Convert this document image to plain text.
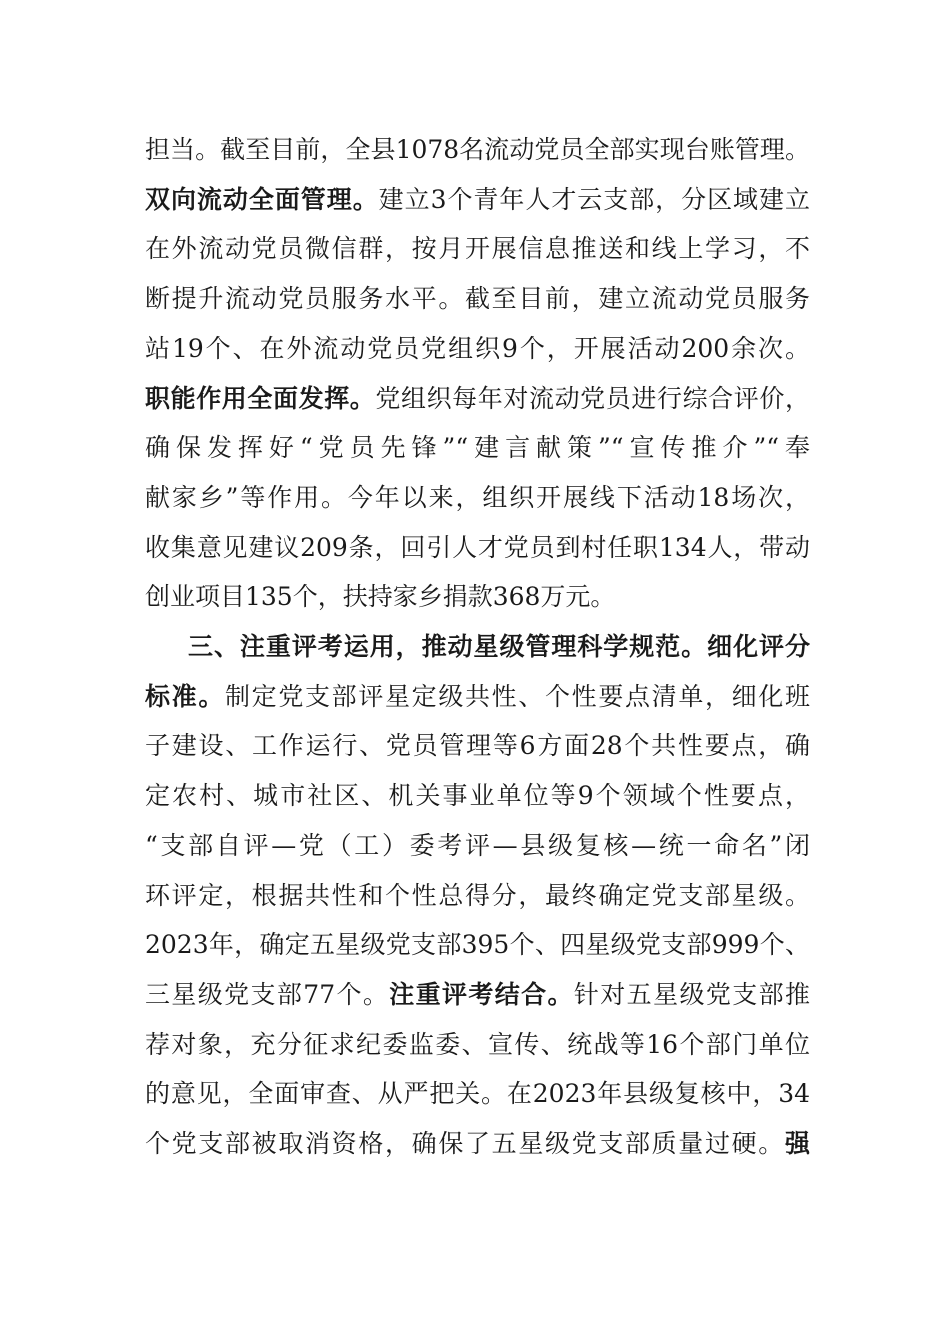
担当。截至目前，全县1078名流动党员全部实现台账管理。
双向流动全面管理。建立3个青年人才云支部，分区域建立
在外流动党员微信群，按月开展信息推送和线上学习，不
断提升流动党员服务水平。截至目前，建立流动党员服务
站19个、在外流动党员党组织9个，开展活动200余次。
职能作用全面发挥。党组织每年对流动党员进行综合评价，
确保发挥好“党员先锋”“建言献策”“宣传推介”“奉
献家乡”等作用。今年以来，组织开展线下活动18场次，
收集意见建议209条，回引人才党员到村任职134人，带动
创业项目135个，扶持家乡捐款368万元。
三、注重评考运用，推动星级管理科学规范。细化评分
标准。制定党支部评星定级共性、个性要点清单，细化班
子建设、工作运行、党员管理等6方面28个共性要点，确
定农村、城市社区、机关事业单位等9个领域个性要点，
“支部自评—党（工）委考评—县级复核—统一命名”闭
环评定，根据共性和个性总得分，最终确定党支部星级。
2023年，确定五星级党支部395个、四星级党支部999个、
三星级党支部77个。注重评考结合。针对五星级党支部推
荐对象，充分征求纪委监委、宣传、统战等16个部门单位
的意见，全面审查、从严把关。在2023年县级复核中，34
个党支部被取消资格，确保了五星级党支部质量过硬。强
